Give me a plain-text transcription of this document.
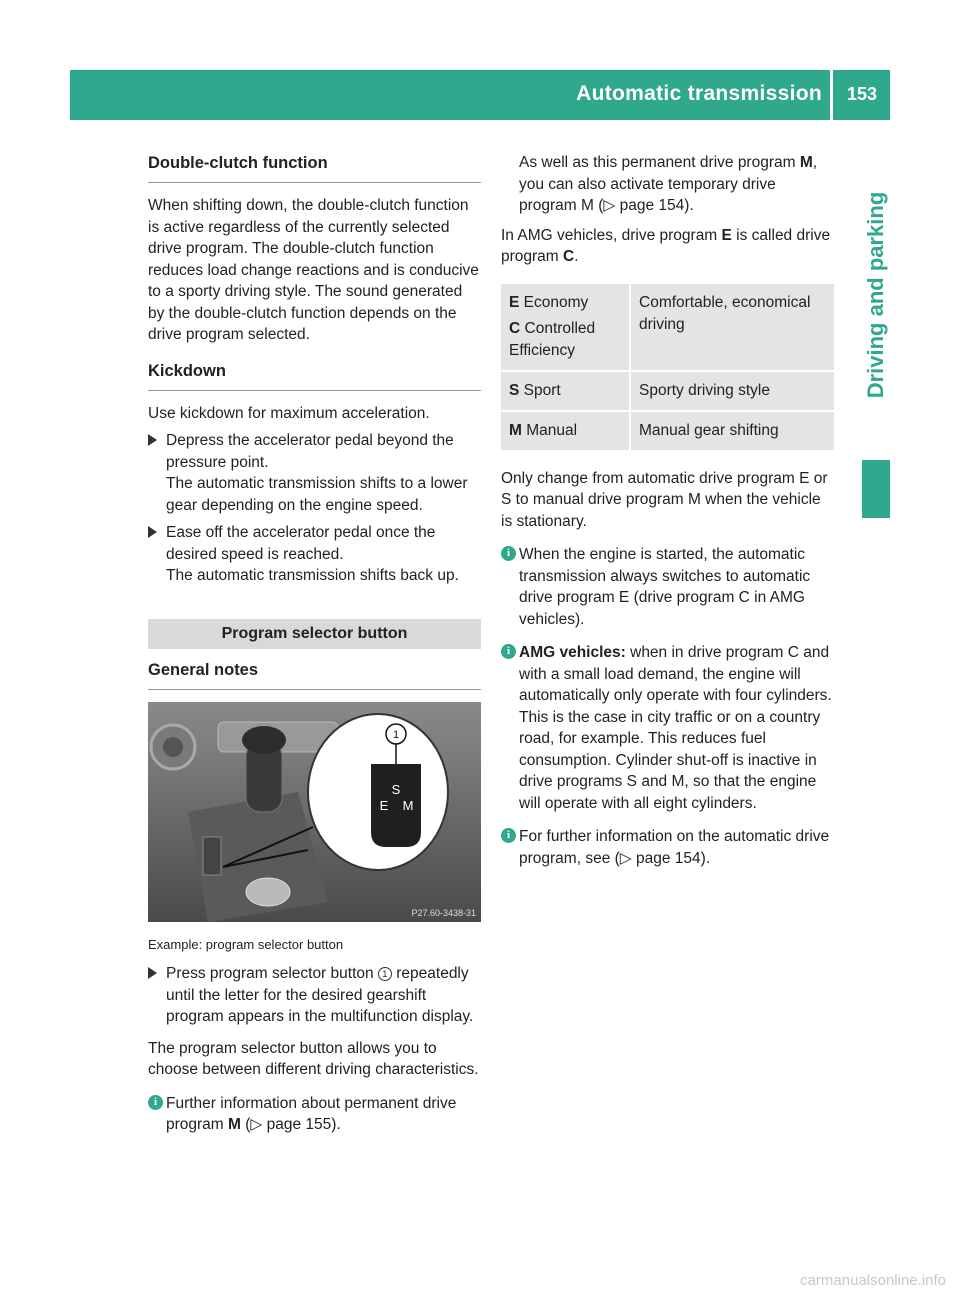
Automatic transmission	153
Driving and parking
Double-clutch function

When shifting down, the double-clutch function is active regardless of the currently selected drive program. The double-clutch function reduces load change reactions and is conducive to a sporty driving style. The sound generated by the double-clutch function depends on the drive program selected.

Kickdown

Use kickdown for maximum acceleration.

Depress the accelerator pedal beyond the pressure point.
The automatic transmission shifts to a lower gear depending on the engine speed.
Ease off the accelerator pedal once the desired speed is reached.
The automatic transmission shifts back up.
Program selector button
General notes
S
E M
1
P27.60-3438-31
Example: program selector button
Press program selector button 1 repeatedly until the letter for the desired gearshift program appears in the multifunction display.

The program selector button allows you to choose between different driving characteristics.

i Further information about permanent drive program M (▷ page 155).

As well as this permanent drive program M, you can also activate temporary drive program M (▷ page 154).

In AMG vehicles, drive program E is called drive program C.

E Economy
C Controlled Efficiency	Comfortable, economical driving
S Sport	Sporty driving style
M Manual	Manual gear shifting

Only change from automatic drive program E or S to manual drive program M when the vehicle is stationary.

i When the engine is started, the automatic transmission always switches to automatic drive program E (drive program C in AMG vehicles).
i AMG vehicles: when in drive program C and with a small load demand, the engine will automatically only operate with four cylinders. This is the case in city traffic or on a country road, for example. This reduces fuel consumption. Cylinder shut-off is inactive in drive programs S and M, so that the engine will operate with all eight cylinders.
i For further information on the automatic drive program, see (▷ page 154).
carmanualsonline.info
